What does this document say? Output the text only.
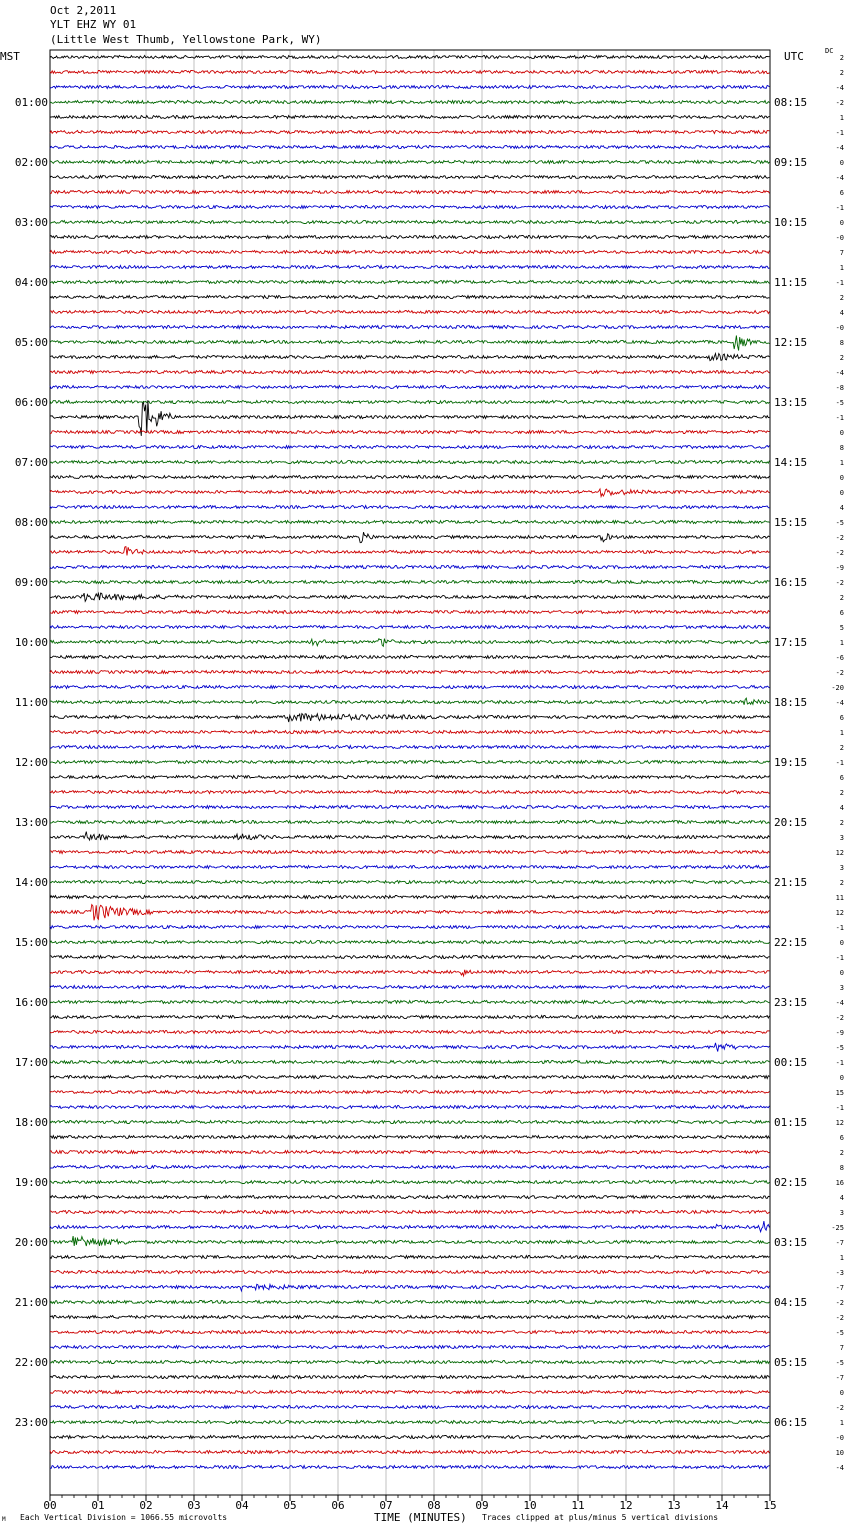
Oct 2,2011
YLT EHZ WY 01
(Little West Thumb, Yellowstone Park, WY)
MST	UTC	DC
2
2
-4
-2
1
-1
-4
0
-4
6
-1
0
-0
7
1
-1
2
4
-0
8
2
-4
-8
-5
-1
0
8
1
0
0
4
-5
-2
-2
-9
-2
2
6
5
1
-6
-2
-20
-4
6
1
2
-1
6
2
4
2
3
12
3
2
11
12
-1
0
-1
0
3
-4
-2
-9
-5
-1
0
15
-1
12
6
2
8
16
4
3
-25
-7
1
-3
-7
-2
-2
-5
7
-5
-7
0
-2
1
-0
10
-4
01:00
02:00
03:00
04:00
05:00
06:00
07:00
08:00
09:00
10:00
11:00
12:00
13:00
14:00
15:00
16:00
17:00
18:00
19:00
20:00
21:00
22:00
23:00
08:15
09:15
10:15
11:15
12:15
13:15
14:15
15:15
16:15
17:15
18:15
19:15
20:15
21:15
22:15
23:15
00:15
01:15
02:15
03:15
04:15
05:15
06:15
00	01	02	03	04	05	06	07	08	09	10	11	12	13	14	15
M Each Vertical Division = 1066.55 microvolts	TIME (MINUTES) Traces clipped at plus/minus 5 vertical divisions
